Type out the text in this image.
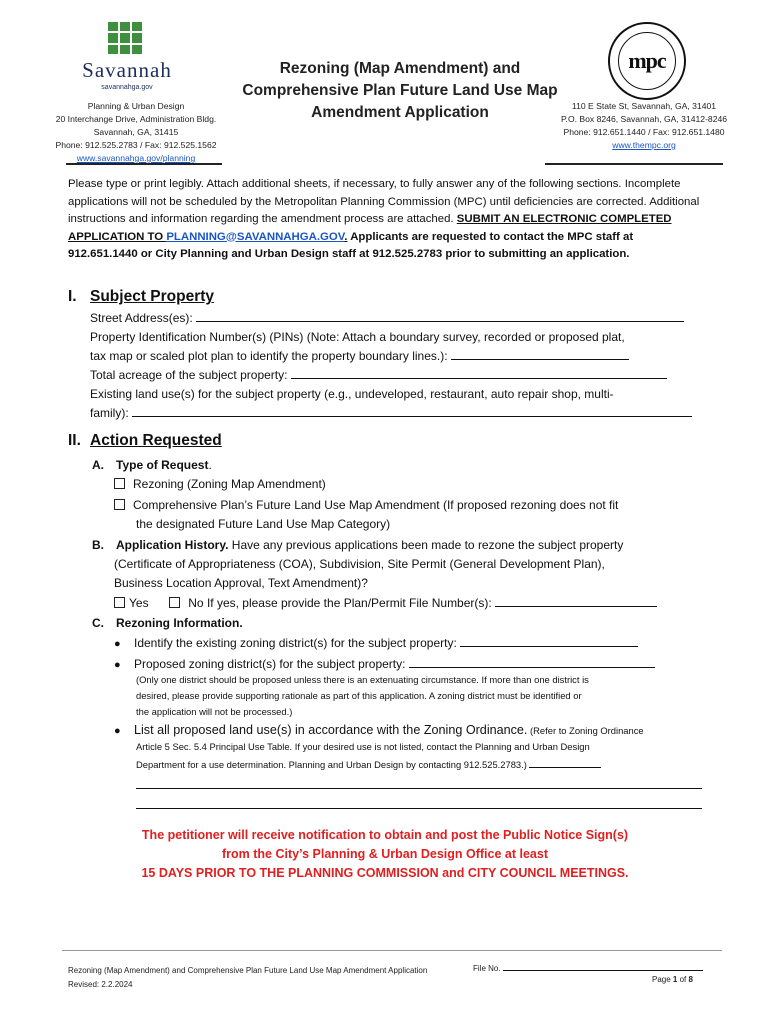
Savannah
savannahga.gov
Planning & Urban Design
20 Interchange Drive, Administration Bldg.
Savannah, GA, 31415
Phone: 912.525.2783 / Fax: 912.525.1562
www.savannahga.gov/planning
Rezoning (Map Amendment) and
Comprehensive Plan Future Land Use Map
Amendment Application
mpc
110 E State St, Savannah, GA, 31401
P.O. Box 8246, Savannah, GA, 31412-8246
Phone: 912.651.1440 / Fax: 912.651.1480
www.thempc.org
Please type or print legibly. Attach additional sheets, if necessary, to fully answer any of the following sections. Incomplete applications will not be scheduled by the Metropolitan Planning Commission (MPC) until deficiencies are corrected. Additional instructions and information regarding the amendment process are attached. SUBMIT AN ELECTRONIC COMPLETED APPLICATION TO PLANNING@SAVANNAHGA.GOV. Applicants are requested to contact the MPC staff at 912.651.1440 or City Planning and Urban Design staff at 912.525.2783 prior to submitting an application.
I. Subject Property
Street Address(es):
Property Identification Number(s) (PINs) (Note: Attach a boundary survey, recorded or proposed plat,
tax map or scaled plot plan to identify the property boundary lines.):
Total acreage of the subject property:
Existing land use(s) for the subject property (e.g., undeveloped, restaurant, auto repair shop, multi-
family):
II. Action Requested
A. Type of Request.
Rezoning (Zoning Map Amendment)
Comprehensive Plan’s Future Land Use Map Amendment (If proposed rezoning does not fit
the designated Future Land Use Map Category)
B. Application History. Have any previous applications been made to rezone the subject property
(Certificate of Appropriateness (COA), Subdivision, Site Permit (General Development Plan),
Business Location Approval, Text Amendment)?
Yes	No If yes, please provide the Plan/Permit File Number(s):
C. Rezoning Information.
● Identify the existing zoning district(s) for the subject property:
● Proposed zoning district(s) for the subject property:
(Only one district should be proposed unless there is an extenuating circumstance. If more than one district is
desired, please provide supporting rationale as part of this application. A zoning district must be identified or
the application will not be processed.)
● List all proposed land use(s) in accordance with the Zoning Ordinance. (Refer to Zoning Ordinance
Article 5 Sec. 5.4 Principal Use Table. If your desired use is not listed, contact the Planning and Urban Design
Department for a use determination. Planning and Urban Design by contacting 912.525.2783.)
The petitioner will receive notification to obtain and post the Public Notice Sign(s)
from the City’s Planning & Urban Design Office at least
15 DAYS PRIOR TO THE PLANNING COMMISSION and CITY COUNCIL MEETINGS.
Rezoning (Map Amendment) and Comprehensive Plan Future Land Use Map Amendment Application
Revised: 2.2.2024
File No.
Page 1 of 8
